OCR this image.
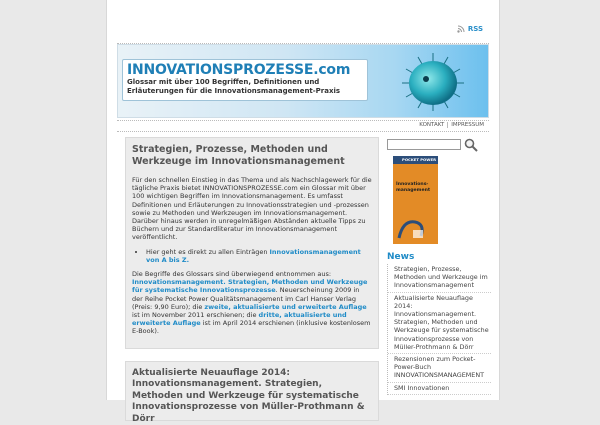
RSS
INNOVATIONSPROZESSE.com
Glossar mit über 100 Begriffen, Definitionen und
Erläuterungen für die Innovationsmanagement-Praxis
KONTAKT	IMPRESSUM
Strategien, Prozesse, Methoden und Werkzeuge im Innovationsmanagement

Für den schnellen Einstieg in das Thema und als Nachschlagewerk für die tägliche Praxis bietet INNOVATIONSPROZESSE.com ein Glossar mit über 100 wichtigen Begriffen im Innovationsmanagement. Es umfasst Definitionen und Erläuterungen zu Innovationsstrategien und -prozessen sowie zu Methoden und Werkzeugen im Innovationsmanagement. Darüber hinaus werden in unregelmäßigen Abständen aktuelle Tipps zu Büchern und zur Standardliteratur im Innovationsmanagement veröffentlicht.

• Hier geht es direkt zu allen Einträgen Innovationsmanagement von A bis Z.

Die Begriffe des Glossars sind überwiegend entnommen aus: Innovationsmanagement. Strategien, Methoden und Werkzeuge für systematische Innovationsprozesse. Neuerscheinung 2009 in der Reihe Pocket Power Qualitätsmanagement im Carl Hanser Verlag (Preis: 9,90 Euro); die zweite, aktualisierte und erweiterte Auflage ist im November 2011 erschienen; die dritte, aktualisierte und erweiterte Auflage ist im April 2014 erschienen (inklusive kostenlosem E-Book).

Aktualisierte Neuauflage 2014: Innovationsmanagement. Strategien, Methoden und Werkzeuge für systematische Innovationsprozesse von Müller-Prothmann & Dörr
POCKET POWER
Innovations-management
News
Strategien, Prozesse, Methoden und Werkzeuge im Innovationsmanagement
Aktualisierte Neuauflage 2014: Innovationsmanagement. Strategien, Methoden und Werkzeuge für systematische Innovationsprozesse von Müller-Prothmann & Dörr
Rezensionen zum Pocket-Power-Buch INNOVATIONSMANAGEMENT
SMI Innovationen
